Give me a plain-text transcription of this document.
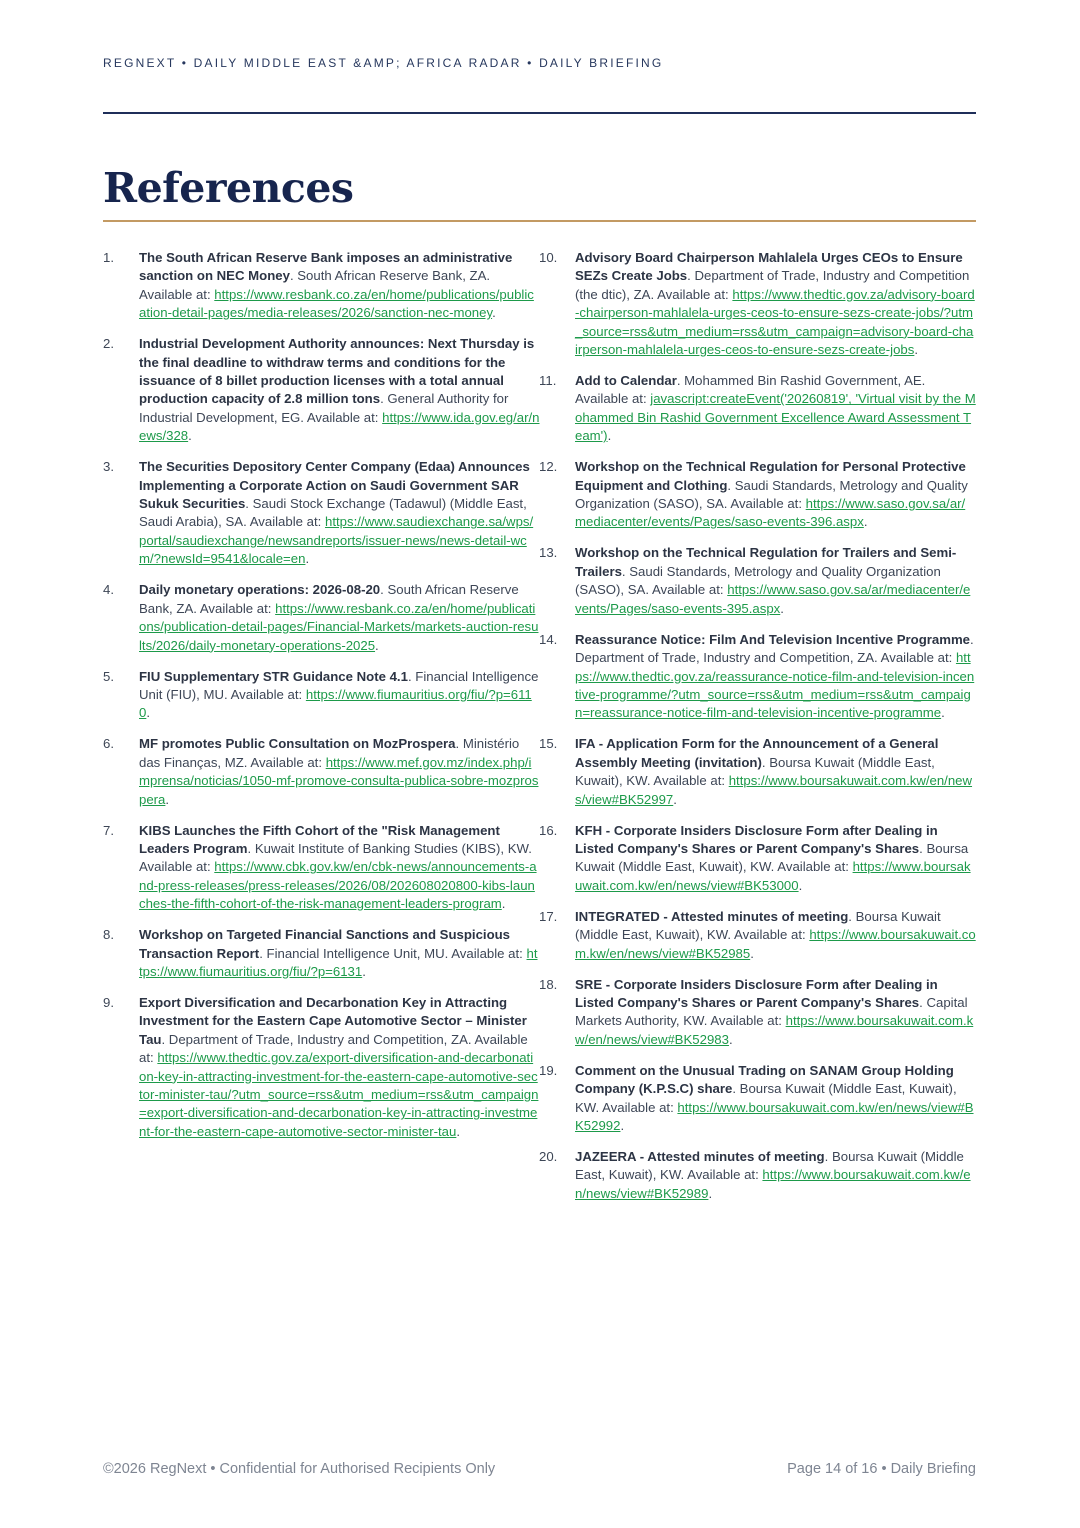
REGNEXT • DAILY MIDDLE EAST &AMP; AFRICA RADAR • DAILY BRIEFING
References
1.	The South African Reserve Bank imposes an administrative sanction on NEC Money. South African Reserve Bank, ZA. Available at: https://www.resbank.co.za/en/home/publications/publication-detail-pages/media-releases/2026/sanction-nec-money.
2.	Industrial Development Authority announces: Next Thursday is the final deadline to withdraw terms and conditions for the issuance of 8 billet production licenses with a total annual production capacity of 2.8 million tons. General Authority for Industrial Development, EG. Available at: https://www.ida.gov.eg/ar/news/328.
3.	The Securities Depository Center Company (Edaa) Announces Implementing a Corporate Action on Saudi Government SAR Sukuk Securities. Saudi Stock Exchange (Tadawul) (Middle East, Saudi Arabia), SA. Available at: https://www.saudiexchange.sa/wps/portal/saudiexchange/newsandreports/issuer-news/news-detail-wcm/?newsId=9541&locale=en.
4.	Daily monetary operations: 2026-08-20. South African Reserve Bank, ZA. Available at: https://www.resbank.co.za/en/home/publications/publication-detail-pages/Financial-Markets/markets-auction-results/2026/daily-monetary-operations-2025.
5.	FIU Supplementary STR Guidance Note 4.1. Financial Intelligence Unit (FIU), MU. Available at: https://www.fiumauritius.org/fiu/?p=6110.
6.	MF promotes Public Consultation on MozProspera. Ministério das Finanças, MZ. Available at: https://www.mef.gov.mz/index.php/imprensa/noticias/1050-mf-promove-consulta-publica-sobre-mozprospera.
7.	KIBS Launches the Fifth Cohort of the "Risk Management Leaders Program. Kuwait Institute of Banking Studies (KIBS), KW. Available at: https://www.cbk.gov.kw/en/cbk-news/announcements-and-press-releases/press-releases/2026/08/202608020800-kibs-launches-the-fifth-cohort-of-the-risk-management-leaders-program.
8.	Workshop on Targeted Financial Sanctions and Suspicious Transaction Report. Financial Intelligence Unit, MU. Available at: https://www.fiumauritius.org/fiu/?p=6131.
9.	Export Diversification and Decarbonation Key in Attracting Investment for the Eastern Cape Automotive Sector – Minister Tau. Department of Trade, Industry and Competition, ZA. Available at: https://www.thedtic.gov.za/export-diversification-and-decarbonation-key-in-attracting-investment-for-the-eastern-cape-automotive-sector-minister-tau/?utm_source=rss&utm_medium=rss&utm_campaign=export-diversification-and-decarbonation-key-in-attracting-investment-for-the-eastern-cape-automotive-sector-minister-tau.
10.	Advisory Board Chairperson Mahlalela Urges CEOs to Ensure SEZs Create Jobs. Department of Trade, Industry and Competition (the dtic), ZA. Available at: https://www.thedtic.gov.za/advisory-board-chairperson-mahlalela-urges-ceos-to-ensure-sezs-create-jobs/?utm_source=rss&utm_medium=rss&utm_campaign=advisory-board-chairperson-mahlalela-urges-ceos-to-ensure-sezs-create-jobs.
11.	Add to Calendar. Mohammed Bin Rashid Government, AE. Available at: javascript:createEvent('20260819', 'Virtual visit by the Mohammed Bin Rashid Government Excellence Award Assessment Team').
12.	Workshop on the Technical Regulation for Personal Protective Equipment and Clothing. Saudi Standards, Metrology and Quality Organization (SASO), SA. Available at: https://www.saso.gov.sa/ar/mediacenter/events/Pages/saso-events-396.aspx.
13.	Workshop on the Technical Regulation for Trailers and Semi-Trailers. Saudi Standards, Metrology and Quality Organization (SASO), SA. Available at: https://www.saso.gov.sa/ar/mediacenter/events/Pages/saso-events-395.aspx.
14.	Reassurance Notice: Film And Television Incentive Programme. Department of Trade, Industry and Competition, ZA. Available at: https://www.thedtic.gov.za/reassurance-notice-film-and-television-incentive-programme/?utm_source=rss&utm_medium=rss&utm_campaign=reassurance-notice-film-and-television-incentive-programme.
15.	IFA - Application Form for the Announcement of a General Assembly Meeting (invitation). Boursa Kuwait (Middle East, Kuwait), KW. Available at: https://www.boursakuwait.com.kw/en/news/view#BK52997.
16.	KFH - Corporate Insiders Disclosure Form after Dealing in Listed Company's Shares or Parent Company's Shares. Boursa Kuwait (Middle East, Kuwait), KW. Available at: https://www.boursakuwait.com.kw/en/news/view#BK53000.
17.	INTEGRATED - Attested minutes of meeting. Boursa Kuwait (Middle East, Kuwait), KW. Available at: https://www.boursakuwait.com.kw/en/news/view#BK52985.
18.	SRE - Corporate Insiders Disclosure Form after Dealing in Listed Company's Shares or Parent Company's Shares. Capital Markets Authority, KW. Available at: https://www.boursakuwait.com.kw/en/news/view#BK52983.
19.	Comment on the Unusual Trading on SANAM Group Holding Company (K.P.S.C) share. Boursa Kuwait (Middle East, Kuwait), KW. Available at: https://www.boursakuwait.com.kw/en/news/view#BK52992.
20.	JAZEERA - Attested minutes of meeting. Boursa Kuwait (Middle East, Kuwait), KW. Available at: https://www.boursakuwait.com.kw/en/news/view#BK52989.
©2026 RegNext • Confidential for Authorised Recipients Only	Page 14 of 16 • Daily Briefing
